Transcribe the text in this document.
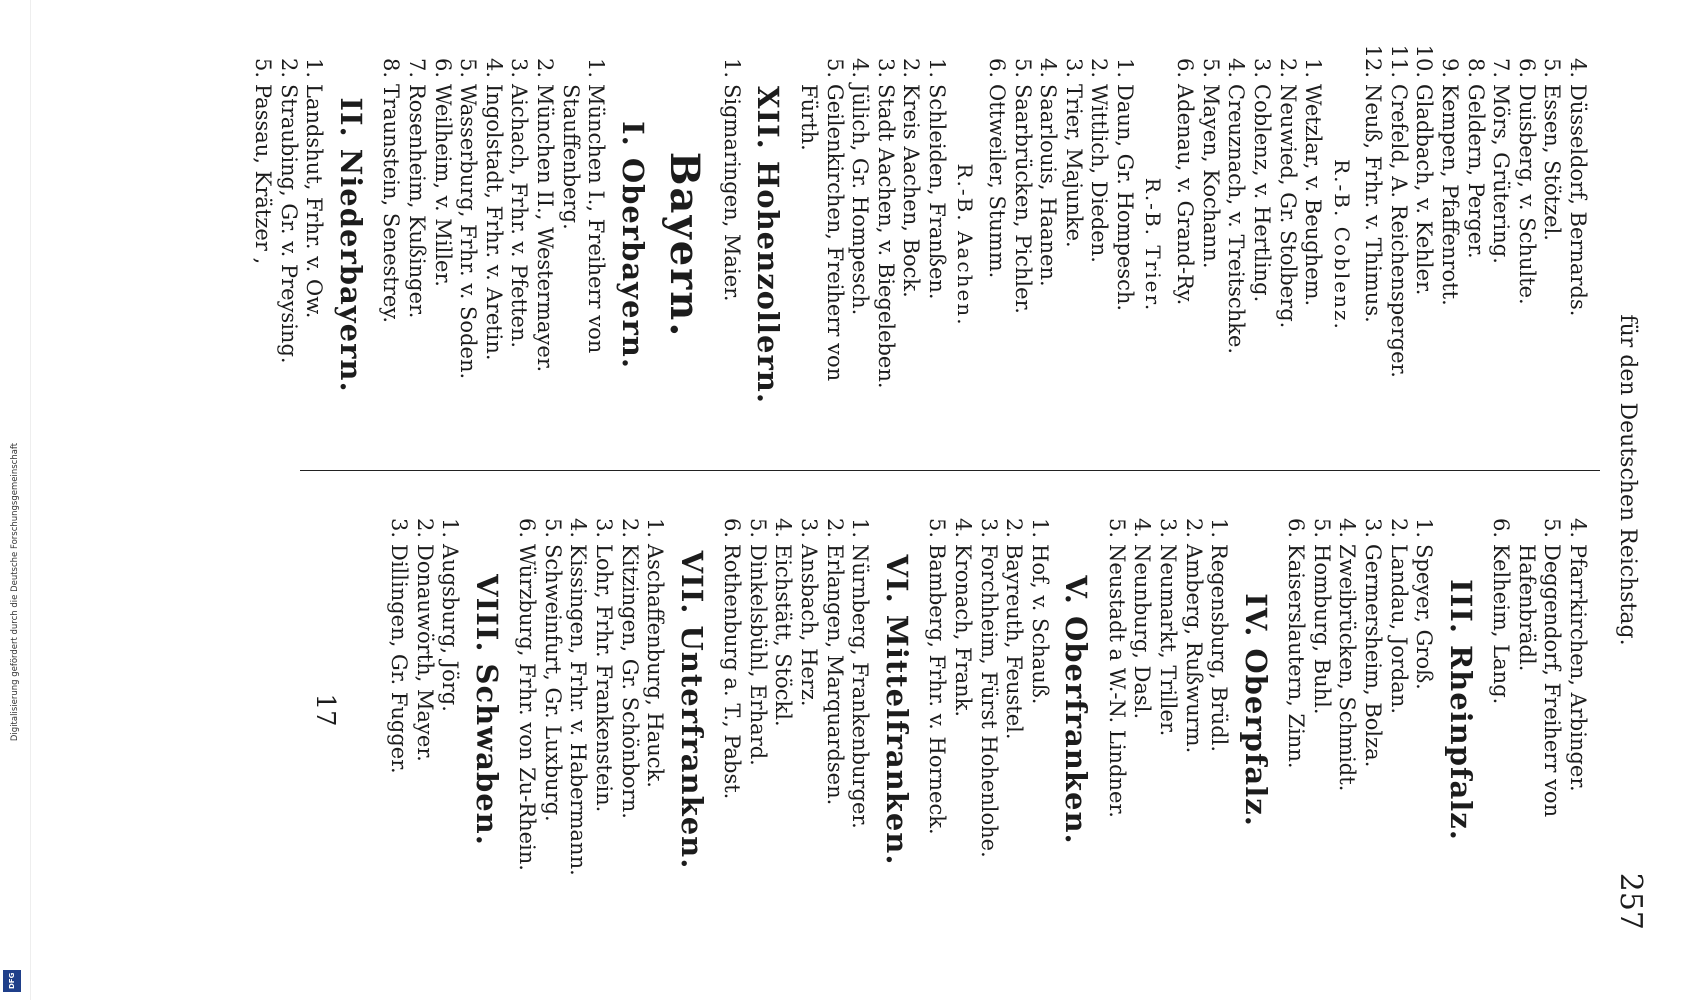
Digitalisierung gefördert durch die Deutsche Forschungsgemeinschaft
DFG
für den Deutschen Reichstag.
257
4.
Düsseldorf, Bernards.
5.
Essen, Stötzel.
6.
Duisberg, v. Schulte.
7.
Mörs, Grütering.
8.
Geldern, Perger.
9.
Kempen, Pfaffenrott.
10.
Gladbach, v. Kehler.
11.
Crefeld, A. Reichensperger.
12.
Neuß, Frhr. v. Thimus.
R.-B. Coblenz.
1.
Wetzlar, v. Beughem.
2.
Neuwied, Gr. Stolberg.
3.
Coblenz, v. Hertling.
4.
Creuznach, v. Treitschke.
5.
Mayen, Kochann.
6.
Adenau, v. Grand-Ry.
R.-B. Trier.
1.
Daun, Gr. Hompesch.
2.
Wittlich, Dieden.
3.
Trier, Majunke.
4.
Saarlouis, Haanen.
5.
Saarbrücken, Pichler.
6.
Ottweiler, Stumm.
R.-B. Aachen.
1.
Schleiden, Franßen.
2.
Kreis Aachen, Bock.
3.
Stadt Aachen, v. Biegeleben.
4.
Jülich, Gr. Hompesch.
5.
Geilenkirchen, Freiherr von Fürth.
XII. Hohenzollern.
1.
Sigmaringen, Maier.
Bayern.
I. Oberbayern.
1.
München I., Freiherr von Stauffenberg.
2.
München II., Westermayer.
3.
Aichach, Frhr. v. Pfetten.
4.
Ingolstadt, Frhr. v. Aretin.
5.
Wasserburg, Frhr. v. Soden.
6.
Weilheim, v. Miller.
7.
Rosenheim, Kußinger.
8.
Traunstein, Senestrey.
II. Niederbayern.
1.
Landshut, Frhr. v. Ow.
2.
Straubing, Gr. v. Preysing.
5.
Passau, Krätzer ,
4.
Pfarrkirchen, Arbinger.
5.
Deggendorf, Freiherr von Hafenbrädl.
6.
Kelheim, Lang.
III. Rheinpfalz.
1.
Speyer, Groß.
2.
Landau, Jordan.
3.
Germersheim, Bolza.
4.
Zweibrücken, Schmidt.
5.
Homburg, Buhl.
6.
Kaiserslautern, Zinn.
IV. Oberpfalz.
1.
Regensburg, Brüdl.
2.
Amberg, Rußwurm.
3.
Neumarkt, Triller.
4.
Neunburg, Dasl.
5.
Neustadt a W.-N. Lindner.
V. Oberfranken.
1.
Hof, v. Schauß.
2.
Bayreuth, Feustel.
3.
Forchheim, Fürst Hohenlohe.
4.
Kronach, Frank.
5.
Bamberg, Frhr. v. Horneck.
VI. Mittelfranken.
1.
Nürnberg, Frankenburger.
2.
Erlangen, Marquardsen.
3.
Ansbach, Herz.
4.
Eichstätt, Stöckl.
5.
Dinkelsbühl, Erhard.
6.
Rothenburg a. T., Pabst.
VII. Unterfranken.
1.
Aschaffenburg, Hauck.
2.
Kitzingen, Gr. Schönborn.
3.
Lohr, Frhr. Frankenstein.
4.
Kissingen, Frhr. v. Habermann.
5.
Schweinfurt, Gr. Luxburg.
6.
Würzburg, Frhr. von Zu-Rhein.
VIII. Schwaben.
1.
Augsburg, Jörg.
2.
Donauwörth, Mayer.
3.
Dillingen, Gr. Fugger.
17
